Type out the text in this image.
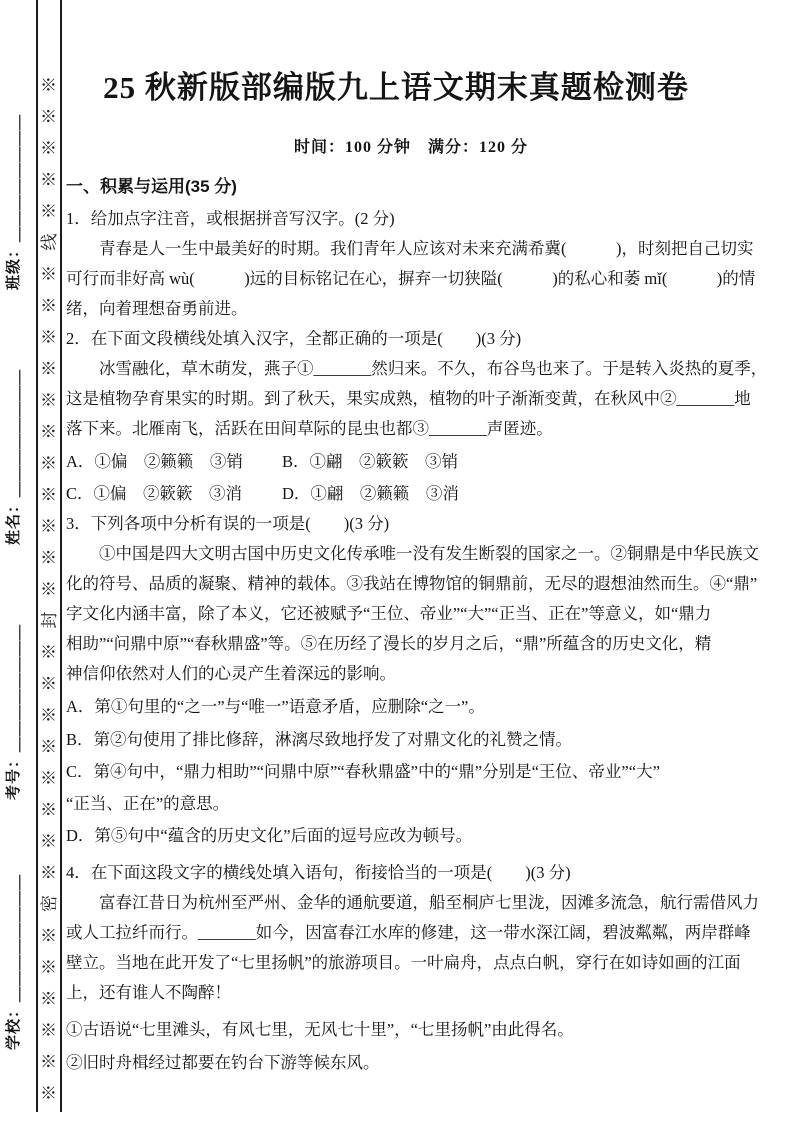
※※※※※※密※※※※※※※※封※※※※※※※※※※※线※※※※※
班级：＿＿＿＿＿＿＿＿
姓名：＿＿＿＿＿＿＿＿
考号：＿＿＿＿＿＿＿＿
学校：＿＿＿＿＿＿＿＿
25 秋新版部编版九上语文期末真题检测卷
时间：100 分钟　满分：120 分
一、积累与运用(35 分)
1．给加点字注音，或根据拼音写汉字。(2 分)
青春是人一生中最美好的时期。我们青年人应该对未来充满希冀(　　　)，时刻把自己切实
可行而非好高 wù(　　　)远的目标铭记在心，摒弃一切狭隘(　　　)的私心和萎 mǐ(　　　)的情
绪，向着理想奋勇前进。
2．在下面文段横线处填入汉字，全都正确的一项是(　　)(3 分)
冰雪融化，草木萌发，燕子①_______然归来。不久，布谷鸟也来了。于是转入炎热的夏季，
这是植物孕育果实的时期。到了秋天，果实成熟，植物的叶子渐渐变黄，在秋风中②_______地
落下来。北雁南飞，活跃在田间草际的昆虫也都③_______声匿迹。
A．①偏　②籁籁　③销	B．①翩　②簌簌　③销
C．①偏　②簌簌　③消	D．①翩　②籁籁　③消
3．下列各项中分析有误的一项是(　　)(3 分)
①中国是四大文明古国中历史文化传承唯一没有发生断裂的国家之一。②铜鼎是中华民族文
化的符号、品质的凝聚、精神的载体。③我站在博物馆的铜鼎前，无尽的遐想油然而生。④“鼎”
字文化内涵丰富，除了本义，它还被赋予“王位、帝业”“大”“正当、正在”等意义，如“鼎力
相助”“问鼎中原”“春秋鼎盛”等。⑤在历经了漫长的岁月之后，“鼎”所蕴含的历史文化，精
神信仰依然对人们的心灵产生着深远的影响。
A．第①句里的“之一”与“唯一”语意矛盾，应删除“之一”。
B．第②句使用了排比修辞，淋漓尽致地抒发了对鼎文化的礼赞之情。
C．第④句中，“鼎力相助”“问鼎中原”“春秋鼎盛”中的“鼎”分别是“王位、帝业”“大”
“正当、正在”的意思。
D．第⑤句中“蕴含的历史文化”后面的逗号应改为顿号。
4．在下面这段文字的横线处填入语句，衔接恰当的一项是(　　)(3 分)
富春江昔日为杭州至严州、金华的通航要道，船至桐庐七里泷，因滩多流急，航行需借风力
或人工拉纤而行。_______如今，因富春江水库的修建，这一带水深江阔，碧波粼粼，两岸群峰
壁立。当地在此开发了“七里扬帆”的旅游项目。一叶扁舟，点点白帆，穿行在如诗如画的江面
上，还有谁人不陶醉！
①古语说“七里滩头，有风七里，无风七十里”，“七里扬帆”由此得名。
②旧时舟楫经过都要在钓台下游等候东风。
